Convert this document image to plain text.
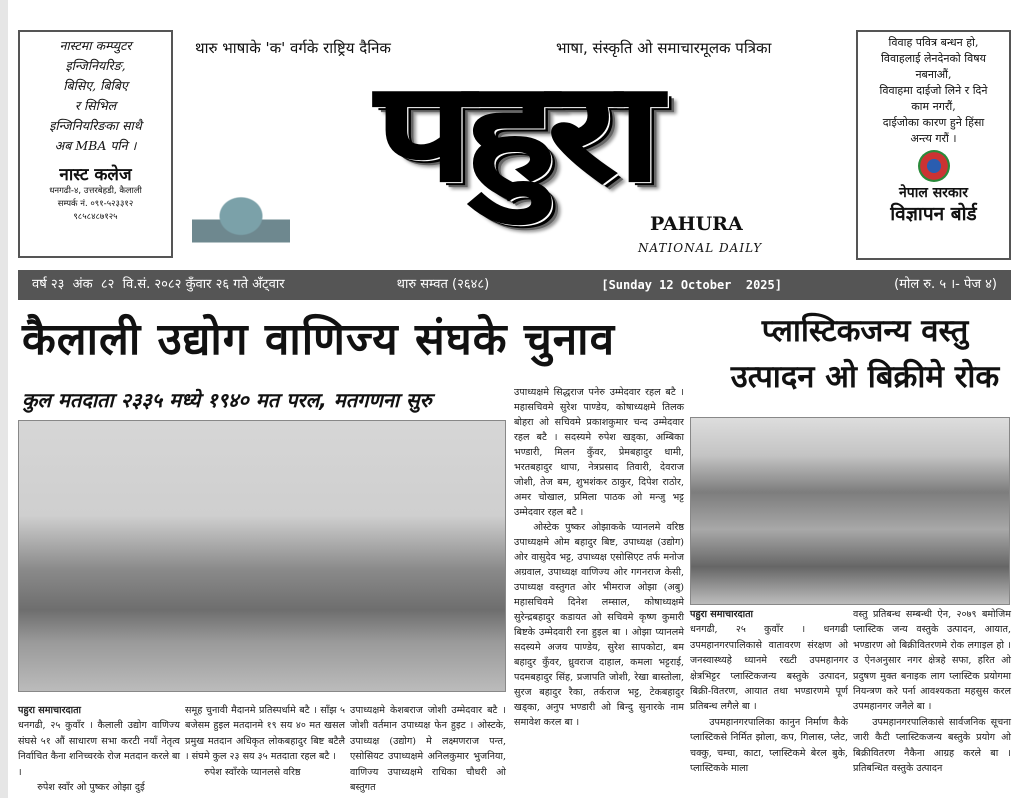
नास्टमा कम्प्युटर
इन्जिनियरिङ,
बिसिए, बिबिए
र सिभिल
इन्जिनियरिङका साथै
अब MBA पनि ।
नास्ट कलेज
धनगढी-४, उत्तरबेहडी, कैलाली
सम्पर्क नं. ०९१-५२३३१२
९८५८४८७१२५
थारु भाषाके 'क' वर्गके राष्ट्रिय दैनिक	भाषा, संस्कृति ओ समाचारमूलक पत्रिका
पहुरा
PAHURA
NATIONAL DAILY
विवाह पवित्र बन्धन हो,
विवाहलाई लेनदेनको विषय
नबनाऔं,
विवाहमा दाईजो लिने र दिने
काम नगरौं,
दाईजोका कारण हुने हिंसा
अन्त्य गरौं ।
नेपाल सरकार
विज्ञापन बोर्ड
वर्ष २३  अंक  ८२  वि.सं. २०८२ कुँवार २६ गते अँट्वार	थारु सम्वत (२६४८)	[Sunday 12 October  2025]	(मोल रु. ५ ।- पेज ४)
कैलाली उद्योग वाणिज्य संघके चुनाव
कुल मतदाता २३३५ मध्ये १९४० मत परल, मतगणना सुरु

पहुरा समाचारदाता

धनगढी, २५ कुवाँर । कैलाली उद्योग वाणिज्य संघसे ५१ औं साधारण सभा करटी नयाँ नेतृत्व निर्वाचित कैना शनिच्चरके रोज मतदान करले बा ।

रुपेश स्वाँर ओ पुष्कर ओझा दुई

समूह चुनावी मैदानमे प्रतिस्पर्धामे बटै । साँझ ५ बजेसम हुइल मतदानमे १९ सय ४० मत खसल प्रमुख मतदान अधिकृत लोकबहादुर बिष्ट बटैलै । संघमे कुल २३ सय ३५ मतदाता रहल बटै ।

रुपेश स्वाँरके प्यानलसे वरिष्ठ

उपाध्यक्षमे केशबराज जोशी उम्मेदवार बटै । जोशी वर्तमान उपाध्यक्ष फेन हुइट । ओस्टके, उपाध्यक्ष (उद्योग) मे लक्ष्मणराज पन्त, एसोसियट उपाध्यक्षमे अनिलकुमार भुजनिया, वाणिज्य उपाध्यक्षमे राधिका चौधरी ओ बस्तुगत

उपाध्यक्षमे सिद्धराज पनेरु उम्मेदवार रहल बटै । महासचिवमे सुरेश पाण्डेय, कोषाध्यक्षमे तिलक बोहरा ओ सचिवमे प्रकाशकुमार चन्द उम्मेदवार रहल बटै । सदस्यमे रुपेश खड्का, अम्बिका भण्डारी, मिलन कुँवर, प्रेमबहादुर धामी, भरतबहादुर थापा, नेत्रप्रसाद तिवारी, देवराज जोशी, तेज बम, शुभशंकर ठाकुर, दिपेश राठोर, अमर चोखाल, प्रमिला पाठक ओ मन्जु भट्ट उम्मेदवार रहल बटै ।

ओस्टेक पुष्कर ओझाकके प्यानलमे वरिष्ठ उपाध्यक्षमे ओम बहादुर बिष्ट, उपाध्यक्ष (उद्योग) ओर वासुदेव भट्ट, उपाध्यक्ष एसोसिएट तर्फ मनोज अग्रवाल, उपाध्यक्ष वाणिज्य ओर गगनराज केसी, उपाध्यक्ष वस्तुगत ओर भीमराज ओझा (अबु) महासचिवमे दिनेश लम्साल, कोषाध्यक्षमे सुरेन्द्रबहादुर कडायत ओ सचिवमे कृष्ण कुमारी बिष्टके उम्मेदवारी रना हुइल बा । ओझा प्यानलमे सदस्यमे अजय पाण्डेय, सुरेश सापकोटा, बम बहादुर कुँवर, ध्रुवराज दाहाल, कमला भट्टराई, पदमबहादुर सिंह, प्रजापति जोशी, रेखा बास्तोला, सुरज बहादुर रैका, तर्कराज भट्ट, टेकबहादुर खड्का, अनुप भण्डारी ओ बिन्दु सुनारके नाम समावेश करल बा ।

प्लास्टिकजन्य वस्तु उत्पादन ओ बिक्रीमे रोक

पहुरा समाचारदाता

धनगढी, २५ कुवाँर । धनगढी उपमहानगरपालिकासे वातावरण संरक्षण ओ जनस्वास्थ्यहे ध्यानमे रख्टी उपमहानगर क्षेत्रभिट्टर प्लास्टिकजन्य बस्तुके उत्पादन, बिक्री-वितरण, आयात तथा भण्डारणमे पूर्ण प्रतिबन्ध लगैले बा ।

उपमहानगरपालिका कानुन निर्माण कैके प्लास्टिकसे निर्मित झोला, कप, गिलास, प्लेट, चक्कु, चम्चा, काटा, प्लास्टिकमे बेरल बुके, प्लास्टिकके माला

वस्तु प्रतिबन्ध सम्बन्धी ऐन, २०७९ बमोजिम प्लास्टिक जन्य वस्तुके उत्पादन, आयात, भण्डारण ओ बिक्रीवितरणमे रोक लगाइल हो । उ ऐनअनुसार नगर क्षेत्रहे सफा, हरित ओ प्रदुषण मुक्त बनाइक लाग प्लास्टिक प्रयोगमा नियन्त्रण करे पर्ना आवश्यकता महसुस करल उपमहानगर जनैले बा ।

उपमहानगरपालिकासे सार्वजनिक सूचना जारी कैटी प्लास्टिकजन्य बस्तुके प्रयोग ओ बिक्रीवितरण नैकैना आग्रह करले बा । प्रतिबन्धित वस्तुके उत्पादन
